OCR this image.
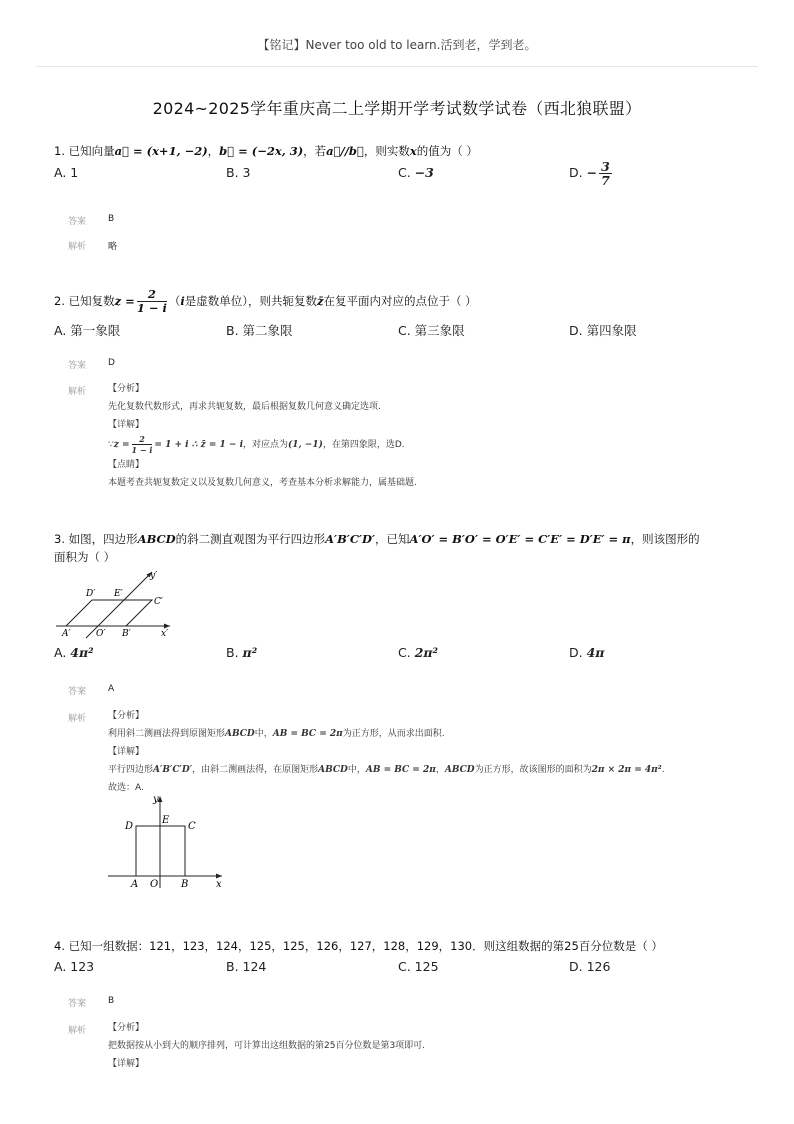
【铭记】Never too old to learn.活到老，学到老。
2024~2025学年重庆高二上学期开学考试数学试卷（西北狼联盟）
1. 已知向量a⃗ = (x+1, −2)，b⃗ = (−2x, 3)，若a⃗//b⃗，则实数x的值为（ ）
A. 1	B. 3	C. −3	D. − $\frac{3}{7}$
答案 B
解析 略
2. 已知复数$z = \frac{2}{1 - i} (i$是虚数单位），则共轭复数z̄在复平面内对应的点位于（ ）
A. 第一象限	B. 第二象限	C. 第三象限	D. 第四象限
答案 D
解析 【分析】
先化复数代数形式，再求共轭复数，最后根据复数几何意义确定选项.
【详解】
∵z = $\frac{2}{1 - i} = 1 + i$ ∴ z̄ = 1 − i，对应点为(1, −1)，在第四象限，选D.
【点睛】
本题考查共轭复数定义以及复数几何意义，考查基本分析求解能力，属基础题.
3. 如图，四边形ABCD的斜二测直观图为平行四边形A′B′C′D′，已知A′O′ = B′O′ = O′E′ = C′E′ = D′E′ = π，则该图形的
面积为（ ）
D′ E′
C′
A′	O′ B′	x′
y′
A. 4π²	B. π²	C. 2π²	D. 4π
答案 A
解析 【分析】
利用斜二测画法得到原图矩形ABCD中，AB = BC = 2π为正方形，从而求出面积.
【详解】
平行四边形A′B′C′D′，由斜二测画法得，在原图矩形ABCD中，AB = BC = 2π，ABCD为正方形，故该图形的面积为2π × 2π = 4π².
故选：A.
D
E
C
A O B	x
y
4. 已知一组数据：121，123，124，125，125，126，127，128，129，130．则这组数据的第25百分位数是（ ）
A. 123	B. 124	C. 125	D. 126
答案 B
解析 【分析】
把数据按从小到大的顺序排列，可计算出这组数据的第25百分位数是第3项即可.
【详解】
